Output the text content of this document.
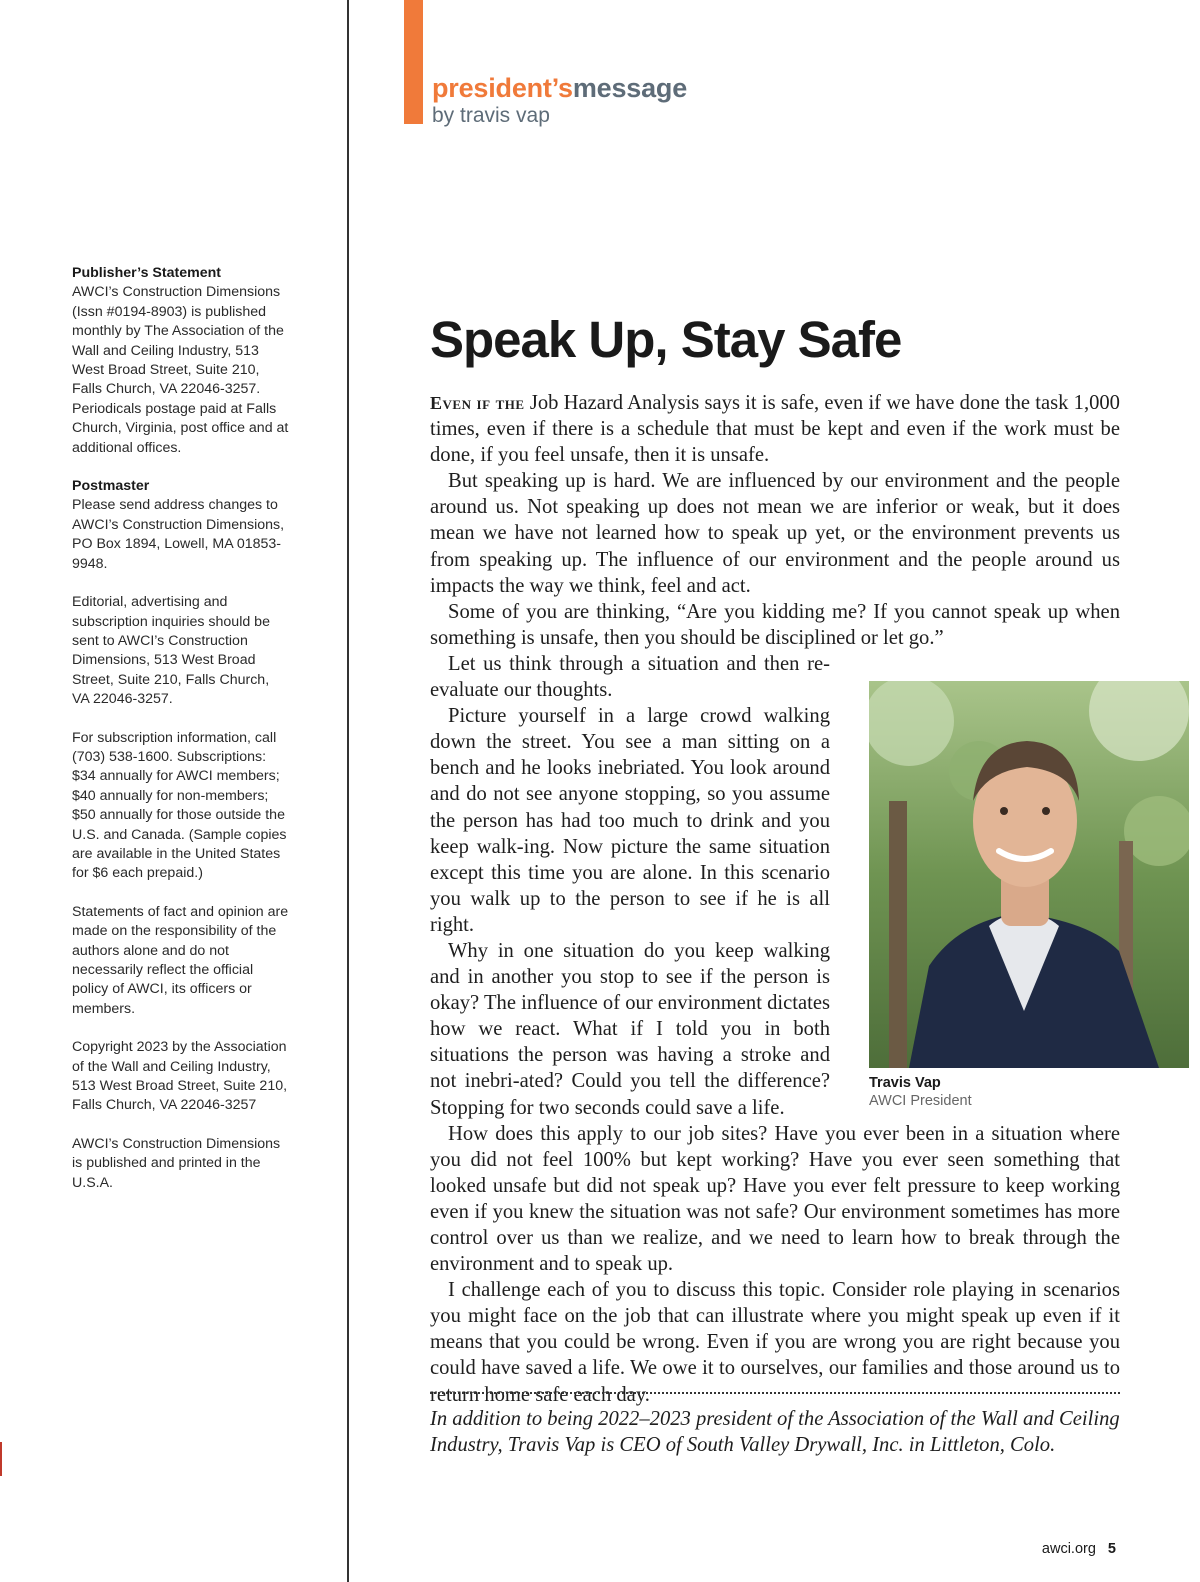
Publisher’s Statement
AWCI’s Construction Dimensions (Issn #0194-8903) is published monthly by The Association of the Wall and Ceiling Industry, 513 West Broad Street, Suite 210, Falls Church, VA 22046-3257. Periodicals postage paid at Falls Church, Virginia, post office and at additional offices.
Postmaster
Please send address changes to AWCI’s Construction Dimensions, PO Box 1894, Lowell, MA 01853-9948.
Editorial, advertising and subscription inquiries should be sent to AWCI’s Construction Dimensions, 513 West Broad Street, Suite 210, Falls Church, VA 22046-3257.
For subscription information, call (703) 538-1600. Subscriptions: $34 annually for AWCI members; $40 annually for non-members; $50 annually for those outside the U.S. and Canada. (Sample copies are available in the United States for $6 each prepaid.)
Statements of fact and opinion are made on the responsibility of the authors alone and do not necessarily reflect the official policy of AWCI, its officers or members.
Copyright 2023 by the Association of the Wall and Ceiling Industry, 513 West Broad Street, Suite 210, Falls Church, VA 22046-3257
AWCI’s Construction Dimensions is published and printed in the U.S.A.
president’smessage
by travis vap
Speak Up, Stay Safe

Even if the Job Hazard Analysis says it is safe, even if we have done the task 1,000 times, even if there is a schedule that must be kept and even if the work must be done, if you feel unsafe, then it is unsafe.

But speaking up is hard. We are influenced by our environment and the people around us. Not speaking up does not mean we are inferior or weak, but it does mean we have not learned how to speak up yet, or the environment prevents us from speaking up. The influence of our environment and the people around us impacts the way we think, feel and act.

Some of you are thinking, “Are you kidding me? If you cannot speak up when something is unsafe, then you should be disciplined or let go.”

Let us think through a situation and then re-evaluate our thoughts.

Picture yourself in a large crowd walking down the street. You see a man sitting on a bench and he looks inebriated. You look around and do not see anyone stopping, so you assume the person has had too much to drink and you keep walk-ing. Now picture the same situation except this time you are alone. In this scenario you walk up to the person to see if he is all right.

Why in one situation do you keep walking and in another you stop to see if the person is okay? The influence of our environment dictates how we react. What if I told you in both situations the person was having a stroke and not inebri-ated? Could you tell the difference? Stopping for two seconds could save a life.

How does this apply to our job sites? Have you ever been in a situation where you did not feel 100% but kept working? Have you ever seen something that looked unsafe but did not speak up? Have you ever felt pressure to keep working even if you knew the situation was not safe? Our environment sometimes has more control over us than we realize, and we need to learn how to break through the environment and to speak up.

I challenge each of you to discuss this topic. Consider role playing in scenarios you might face on the job that can illustrate where you might speak up even if it means that you could be wrong. Even if you are wrong you are right because you could have saved a life. We owe it to ourselves, our families and those around us to return home safe each day.

Travis Vap
AWCI President
In addition to being 2022–2023 president of the Association of the Wall and Ceiling Industry, Travis Vap is CEO of South Valley Drywall, Inc. in Littleton, Colo.
awci.org 5
